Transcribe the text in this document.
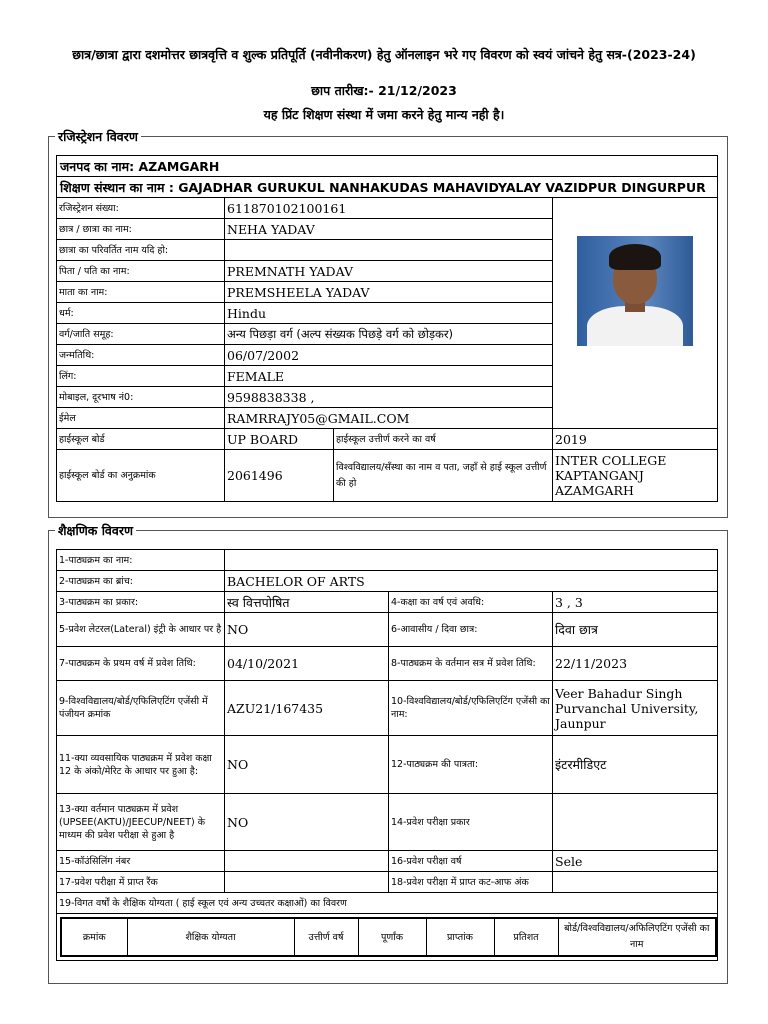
छात्र/छात्रा द्वारा दशमोत्तर छात्रवृत्ति व शुल्क प्रतिपूर्ति (नवीनीकरण) हेतु ऑनलाइन भरे गए विवरण को स्वयं जांचने हेतु सत्र-(2023-24)
छाप तारीख:- 21/12/2023
यह प्रिंट शिक्षण संस्था में जमा करने हेतु मान्य नही है।
रजिस्ट्रेशन विवरण
जनपद का नाम: AZAMGARH			
शिक्षण संस्थान का नाम : GAJADHAR GURUKUL NANHAKUDAS MAHAVIDYALAY VAZIDPUR DINGURPUR			
रजिस्ट्रेशन संख्या:	611870102100161		

छात्र / छात्रा का नाम:	NEHA YADAV		
छात्रा का परिवर्तित नाम यदि हो:			
पिता / पति का नाम:	PREMNATH YADAV		
माता का नाम:	PREMSHEELA YADAV		
धर्म:	Hindu		
वर्ग/जाति समूह:	अन्य पिछड़ा वर्ग (अल्प संख्यक पिछड़े वर्ग को छोड़कर)		
जन्मतिथि:	06/07/2002		
लिंग:	FEMALE		
मोबाइल, दूरभाष नं0:	9598838338 ,		
ईमेल	RAMRRAJY05@GMAIL.COM		
हाईस्कूल बोर्ड	UP BOARD	हाईस्कूल उत्तीर्ण करने का वर्ष	2019
हाईस्कूल बोर्ड का अनुक्रमांक	2061496	विश्वविद्यालय/सँस्था का नाम व पता, जहाँ से हाई स्कूल उत्तीर्ण की हो	INTER COLLEGE KAPTANGANJ AZAMGARH
शैक्षणिक विवरण
1-पाठ्यक्रम का नाम:	
2-पाठ्यक्रम का ब्रांच:	BACHELOR OF ARTS
3-पाठ्यक्रम का प्रकार:	स्व वित्तपोषित	4-कक्षा का वर्ष एवं अवधि:	3 , 3
5-प्रवेश लेटरल(Lateral) इंट्री के आधार पर है	NO	6-आवासीय / दिवा छात्र:	दिवा छात्र
7-पाठ्यक्रम के प्रथम वर्ष में प्रवेश तिथि:	04/10/2021	8-पाठ्यक्रम के वर्तमान सत्र में प्रवेश तिथि:	22/11/2023
9-विश्वविद्यालय/बोर्ड/एफिलिएटिंग एजेंसी में पंजीयन क्रमांक	AZU21/167435	10-विश्वविद्यालय/बोर्ड/एफिलिएटिंग एजेंसी का नाम:	Veer Bahadur Singh Purvanchal University, Jaunpur
11-क्या व्यवसायिक पाठ्यक्रम में प्रवेश कक्षा 12 के अंको/मेरिट के आधार पर हुआ है:	NO	12-पाठ्यक्रम की पात्रता:	इंटरमीडिएट
13-क्या वर्तमान पाठ्यक्रम में प्रवेश (UPSEE(AKTU)/JEECUP/NEET) के माध्यम की प्रवेश परीक्षा से हुआ है	NO	14-प्रवेश परीक्षा प्रकार	
15-कॉउंसिलिंग नंबर		16-प्रवेश परीक्षा वर्ष	Sele
17-प्रवेश परीक्षा में प्राप्त रैंक		18-प्रवेश परीक्षा में प्राप्त कट-आफ अंक	
19-विगत वर्षों के शैक्षिक योग्यता ( हाई स्कूल एवं अन्य उच्चतर कक्षाओं) का विवरण

क्रमांक	शैक्षिक योग्यता	उत्तीर्ण वर्ष	पूर्णांक	प्राप्तांक	प्रतिशत	बोर्ड/विश्वविद्यालय/अफिलिएटिंग एजेंसी का नाम
